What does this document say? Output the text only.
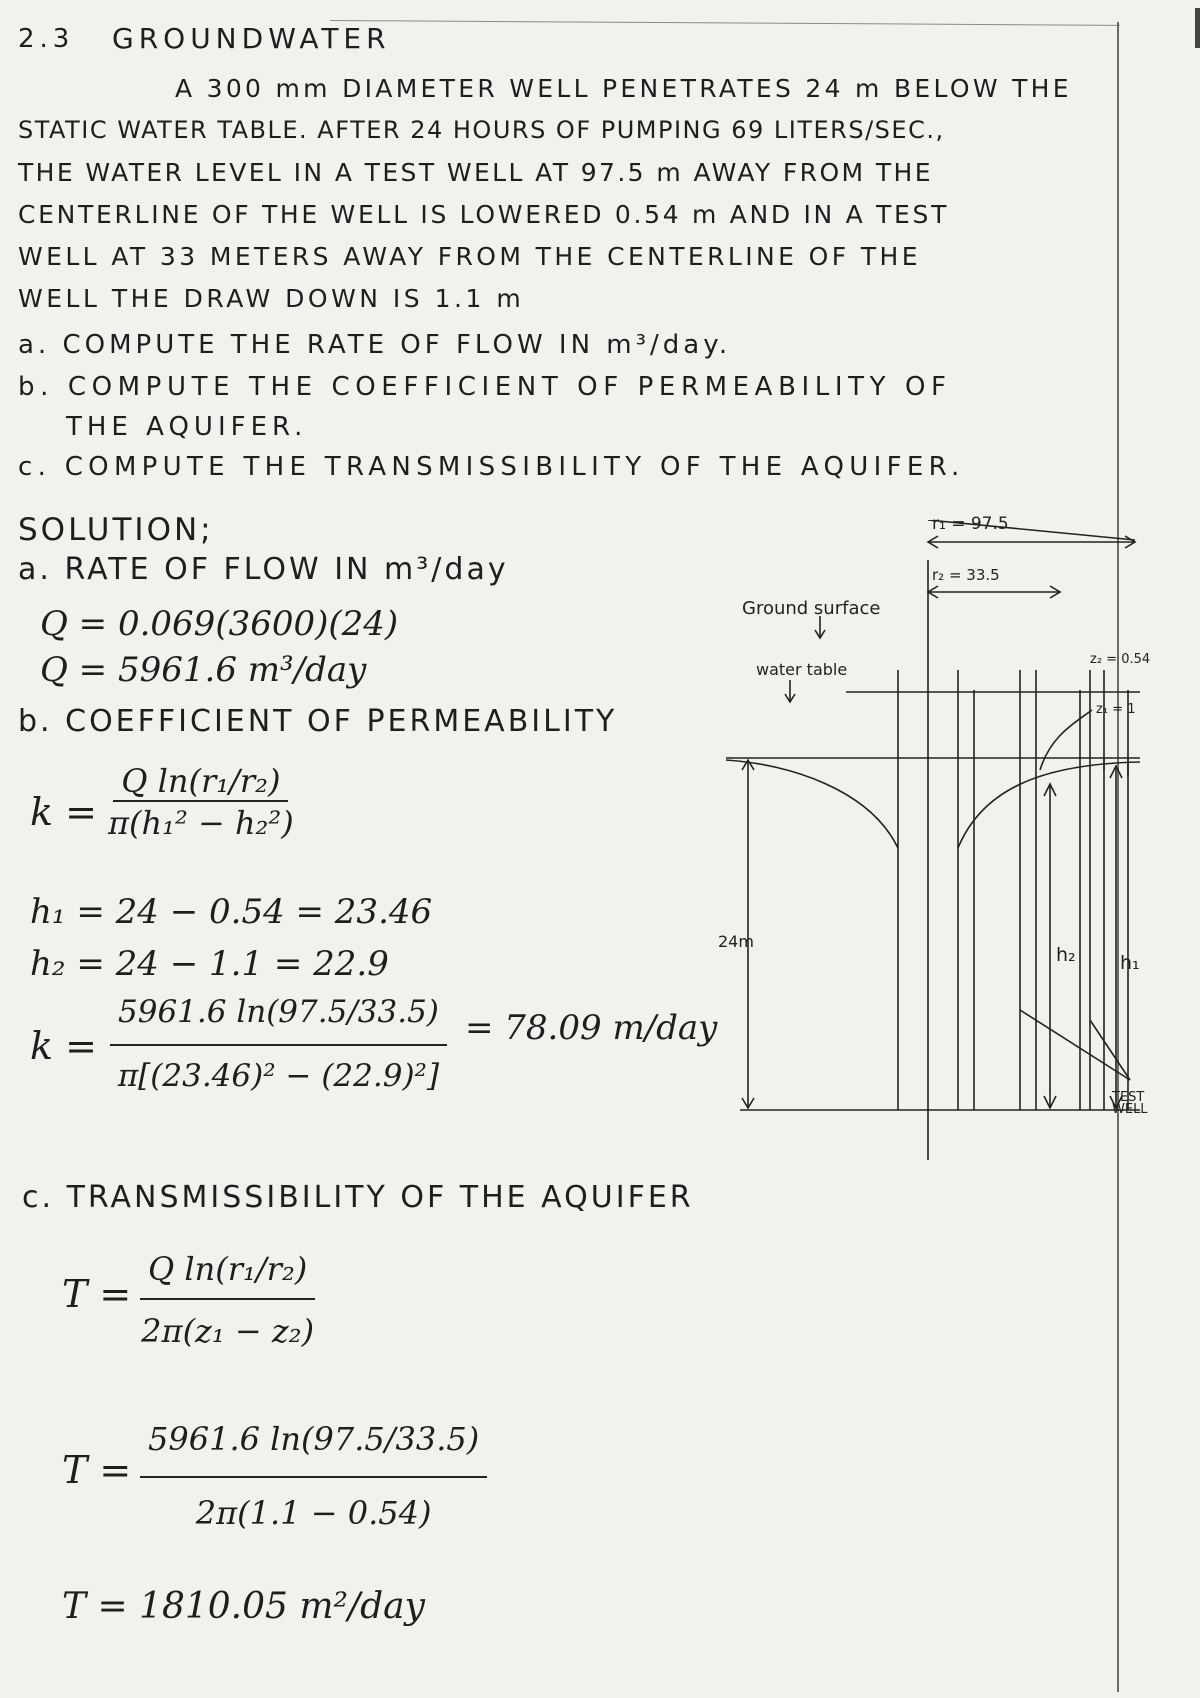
2.3 GROUNDWATER
A 300 mm DIAMETER WELL PENETRATES 24 m BELOW THE
STATIC WATER TABLE. AFTER 24 HOURS OF PUMPING 69 LITERS/SEC.,
THE WATER LEVEL IN A TEST WELL AT 97.5 m AWAY FROM THE
CENTERLINE OF THE WELL IS LOWERED 0.54 m AND IN A TEST
WELL AT 33 METERS AWAY FROM THE CENTERLINE OF THE
WELL THE DRAW DOWN IS 1.1 m
a. COMPUTE THE RATE OF FLOW IN m³/day.
b. COMPUTE THE COEFFICIENT OF PERMEABILITY OF
THE AQUIFER.
c. COMPUTE THE TRANSMISSIBILITY OF THE AQUIFER.
SOLUTION;
a. RATE OF FLOW IN m³/day
Q = 0.069(3600)(24)
Q = 5961.6 m³/day
b. COEFFICIENT OF PERMEABILITY
$k = \frac{\text{Q ln(r₁/r₂)}}{\text{π(h₁² − h₂²)}}$
h₁ = 24 − 0.54 = 23.46
h₂ = 24 − 1.1 = 22.9
$k = \frac{5961.6 \ln(97.5/33.5)}{\text{π[(23.46)² − (22.9)²]}} = 78.09$ m/day
c. TRANSMISSIBILITY OF THE AQUIFER
$T = \frac{\text{Q ln(r₁/r₂)}}{\text{2π(z₁ − z₂)}}$
$T = \frac{5961.6 \ln(97.5/33.5)}{2\pi(1.1 - 0.54)}$
T = 1810.05 m²/day
r₁ = 97.5
r₂ = 33.5
Ground surface
water table
z₂ = 0.54
z₁ = 1
24m
h₂ h₁
TEST WELL
